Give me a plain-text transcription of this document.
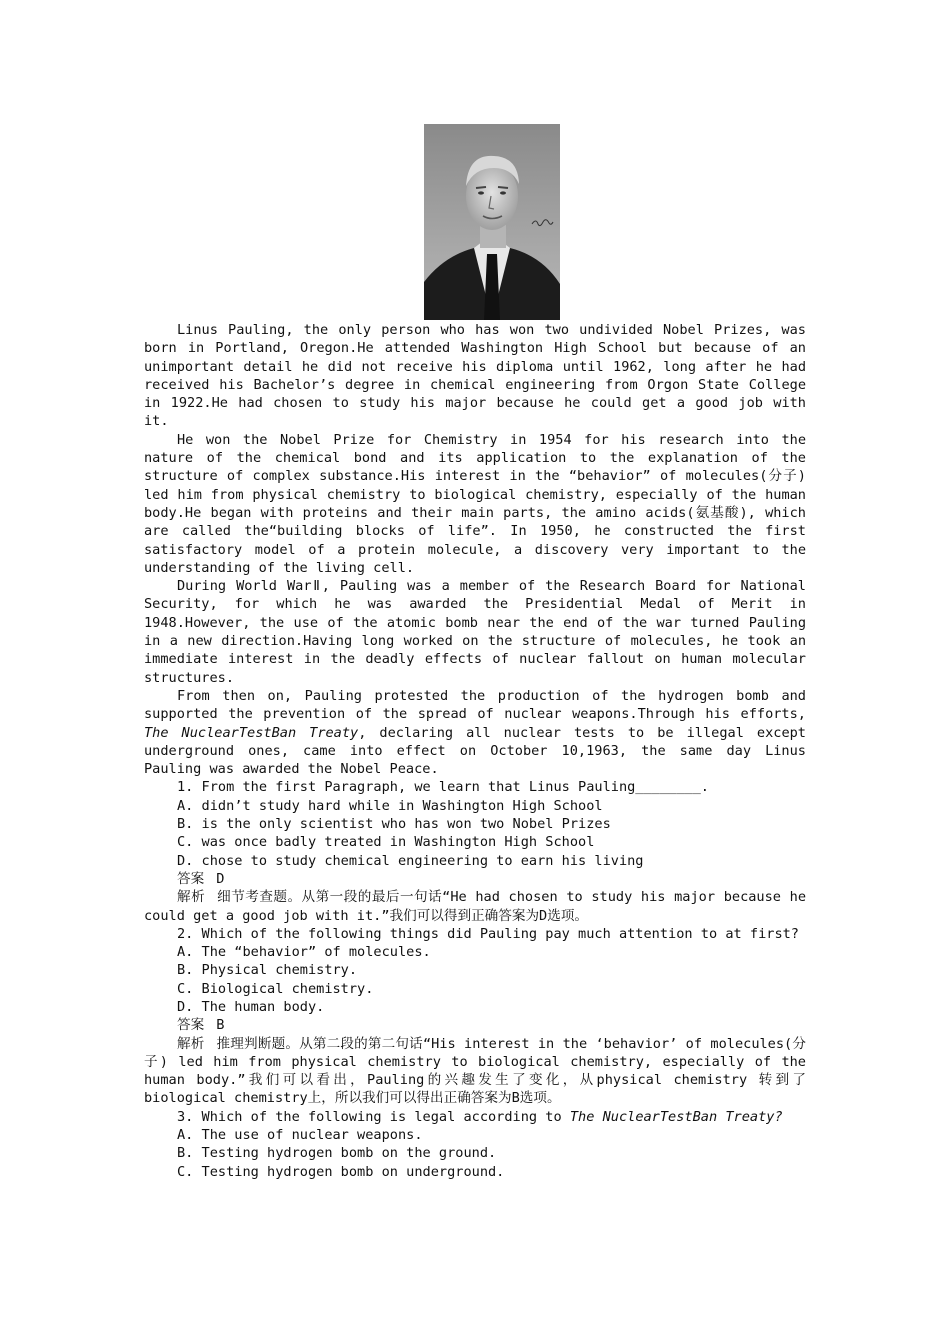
Linus Pauling, the only person who has won two undivided Nobel Prizes, was born in Portland, Oregon.He attended Washington High School but because of an unimportant detail he did not receive his diploma until 1962, long after he had received his Bachelor’s degree in chemical engineering from Orgon State College in 1922.He had chosen to study his major because he could get a good job with it.

He won the Nobel Prize for Chemistry in 1954 for his research into the nature of the chemical bond and its application to the explanation of the structure of complex substance.His interest in the “behavior” of molecules(分子) led him from physical chemistry to biological chemistry, especially of the human body.He began with proteins and their main parts, the amino acids(氨基酸), which are called the“building blocks of life”. In 1950, he constructed the first satisfactory model of a protein molecule, a discovery very important to the understanding of the living cell.

During World WarⅡ, Pauling was a member of the Research Board for National Security, for which he was awarded the Presidential Medal of Merit in 1948.However, the use of the atomic bomb near the end of the war turned Pauling in a new direction.Having long worked on the structure of molecules, he took an immediate interest in the deadly effects of nuclear fallout on human molecular structures.

From then on, Pauling protested the production of the hydrogen bomb and supported the prevention of the spread of nuclear weapons.Through his efforts, The NuclearTestBan Treaty, declaring all nuclear tests to be illegal except underground ones, came into effect on October 10,1963, the same day Linus Pauling was awarded the Nobel Peace.

1. From the first Paragraph, we learn that Linus Pauling________.

A. didn’t study hard while in Washington High School

B. is the only scientist who has won two Nobel Prizes

C. was once badly treated in Washington High School

D. chose to study chemical engineering to earn his living

答案 D

解析 细节考查题。从第一段的最后一句话“He had chosen to study his major because he could get a good job with it.”我们可以得到正确答案为D选项。

2. Which of the following things did Pauling pay much attention to at first?

A. The “behavior” of molecules.

B. Physical chemistry.

C. Biological chemistry.

D. The human body.

答案 B

解析 推理判断题。从第二段的第二句话“His interest in the ‘behavior’ of molecules(分子) led him from physical chemistry to biological chemistry, especially of the human body.”我们可以看出，Pauling的兴趣发生了变化，从physical chemistry 转到了biological chemistry上，所以我们可以得出正确答案为B选项。

3. Which of the following is legal according to The NuclearTestBan Treaty?

A. The use of nuclear weapons.

B. Testing hydrogen bomb on the ground.

C. Testing hydrogen bomb on underground.
